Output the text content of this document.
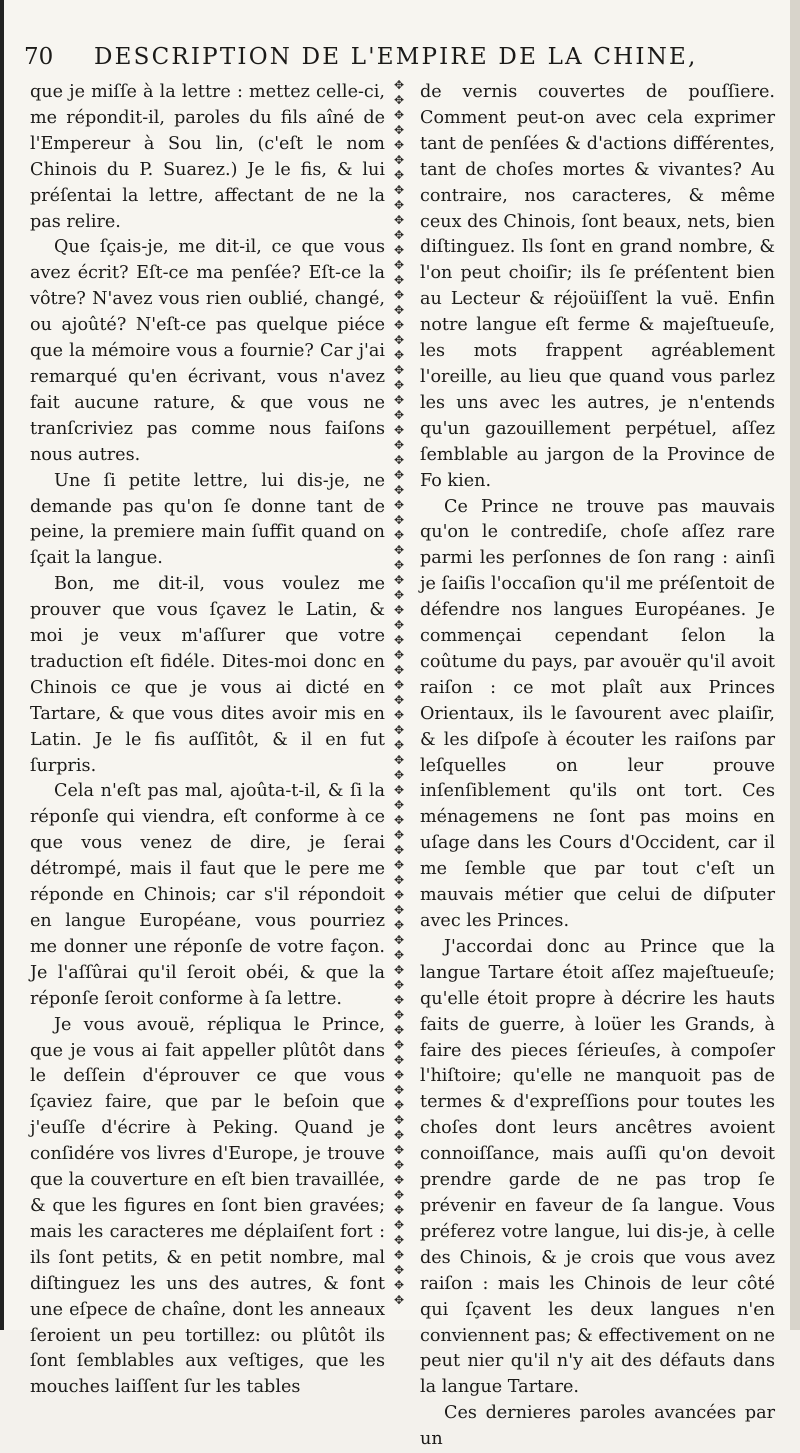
70	DESCRIPTION DE L'EMPIRE DE LA CHINE,

que je miſſe à la lettre : mettez celle-ci, me répondit-il, paroles du fils aîné de l'Empereur à Sou lin, (c'eſt le nom Chinois du P. Suarez.) Je le fis, & lui préſentai la lettre, affectant de ne la pas relire.

Que ſçais-je, me dit-il, ce que vous avez écrit? Eſt-ce ma penſée? Eſt-ce la vôtre? N'avez vous rien oublié, changé, ou ajoûté? N'eſt-ce pas quelque piéce que la mémoire vous a fournie? Car j'ai remarqué qu'en écrivant, vous n'avez fait aucune rature, & que vous ne tranſcriviez pas comme nous faiſons nous autres.

Une ſi petite lettre, lui dis-je, ne demande pas qu'on ſe donne tant de peine, la premiere main ſuffit quand on ſçait la langue.

Bon, me dit-il, vous voulez me prouver que vous ſçavez le Latin, & moi je veux m'aſſurer que votre traduction eſt fidéle. Dites-moi donc en Chinois ce que je vous ai dicté en Tartare, & que vous dites avoir mis en Latin. Je le fis auſſitôt, & il en fut ſurpris.

Cela n'eſt pas mal, ajoûta-t-il, & ſi la réponſe qui viendra, eſt conforme à ce que vous venez de dire, je ſerai détrompé, mais il faut que le pere me réponde en Chinois; car s'il répondoit en langue Européane, vous pourriez me donner une réponſe de votre façon. Je l'aſſûrai qu'il ſeroit obéi, & que la réponſe ſeroit conforme à ſa lettre.

Je vous avouë, répliqua le Prince, que je vous ai fait appeller plûtôt dans le deſſein d'éprouver ce que vous ſçaviez faire, que par le beſoin que j'euſſe d'écrire à Peking. Quand je conſidére vos livres d'Europe, je trouve que la couverture en eſt bien travaillée, & que les figures en ſont bien gravées; mais les caracteres me déplaiſent fort : ils ſont petits, & en petit nombre, mal diſtinguez les uns des autres, & font une eſpece de chaîne, dont les anneaux ſeroient un peu tortillez: ou plûtôt ils ſont ſemblables aux veſtiges, que les mouches laiſſent ſur les tables

✥
✥
✥
✥
✥
✥
✥
✥
✥
✥
✥
✥
✥
✥
✥
✥
✥
✥
✥
✥
✥
✥
✥
✥
✥
✥
✥
✥
✥
✥
✥
✥
✥
✥
✥
✥
✥
✥
✥
✥
✥
✥
✥
✥
✥
✥
✥
✥
✥
✥
✥
✥
✥
✥
✥
✥
✥
✥
✥
✥
✥
✥
✥
✥
✥
✥
✥
✥
✥
✥
✥
✥
✥
✥
✥
✥
✥
✥
✥
✥
✥
✥

de vernis couvertes de pouſſiere. Comment peut-on avec cela exprimer tant de penſées & d'actions différentes, tant de choſes mortes & vivantes? Au contraire, nos caracteres, & même ceux des Chinois, ſont beaux, nets, bien diſtinguez. Ils ſont en grand nombre, & l'on peut choiſir; ils ſe préſentent bien au Lecteur & réjoüiſſent la vuë. Enfin notre langue eſt ferme & majeſtueuſe, les mots frappent agréablement l'oreille, au lieu que quand vous parlez les uns avec les autres, je n'entends qu'un gazouillement perpétuel, aſſez ſemblable au jargon de la Province de Fo kien.

Ce Prince ne trouve pas mauvais qu'on le contrediſe, choſe aſſez rare parmi les perſonnes de ſon rang : ainſi je ſaiſis l'occaſion qu'il me préſentoit de défendre nos langues Européanes. Je commençai cependant ſelon la coûtume du pays, par avouër qu'il avoit raiſon : ce mot plaît aux Princes Orientaux, ils le ſavourent avec plaiſir, & les diſpoſe à écouter les raiſons par leſquelles on leur prouve inſenſiblement qu'ils ont tort. Ces ménagemens ne ſont pas moins en uſage dans les Cours d'Occident, car il me ſemble que par tout c'eſt un mauvais métier que celui de diſputer avec les Princes.

J'accordai donc au Prince que la langue Tartare étoit aſſez majeſtueuſe; qu'elle étoit propre à décrire les hauts faits de guerre, à loüer les Grands, à faire des pieces ſérieuſes, à compoſer l'hiſtoire; qu'elle ne manquoit pas de termes & d'expreſſions pour toutes les choſes dont leurs ancêtres avoient connoiſſance, mais auſſi qu'on devoit prendre garde de ne pas trop ſe prévenir en faveur de ſa langue. Vous préferez votre langue, lui dis-je, à celle des Chinois, & je crois que vous avez raiſon : mais les Chinois de leur côté qui ſçavent les deux langues n'en conviennent pas; & effectivement on ne peut nier qu'il n'y ait des défauts dans la langue Tartare.

Ces dernieres paroles avancées par un
